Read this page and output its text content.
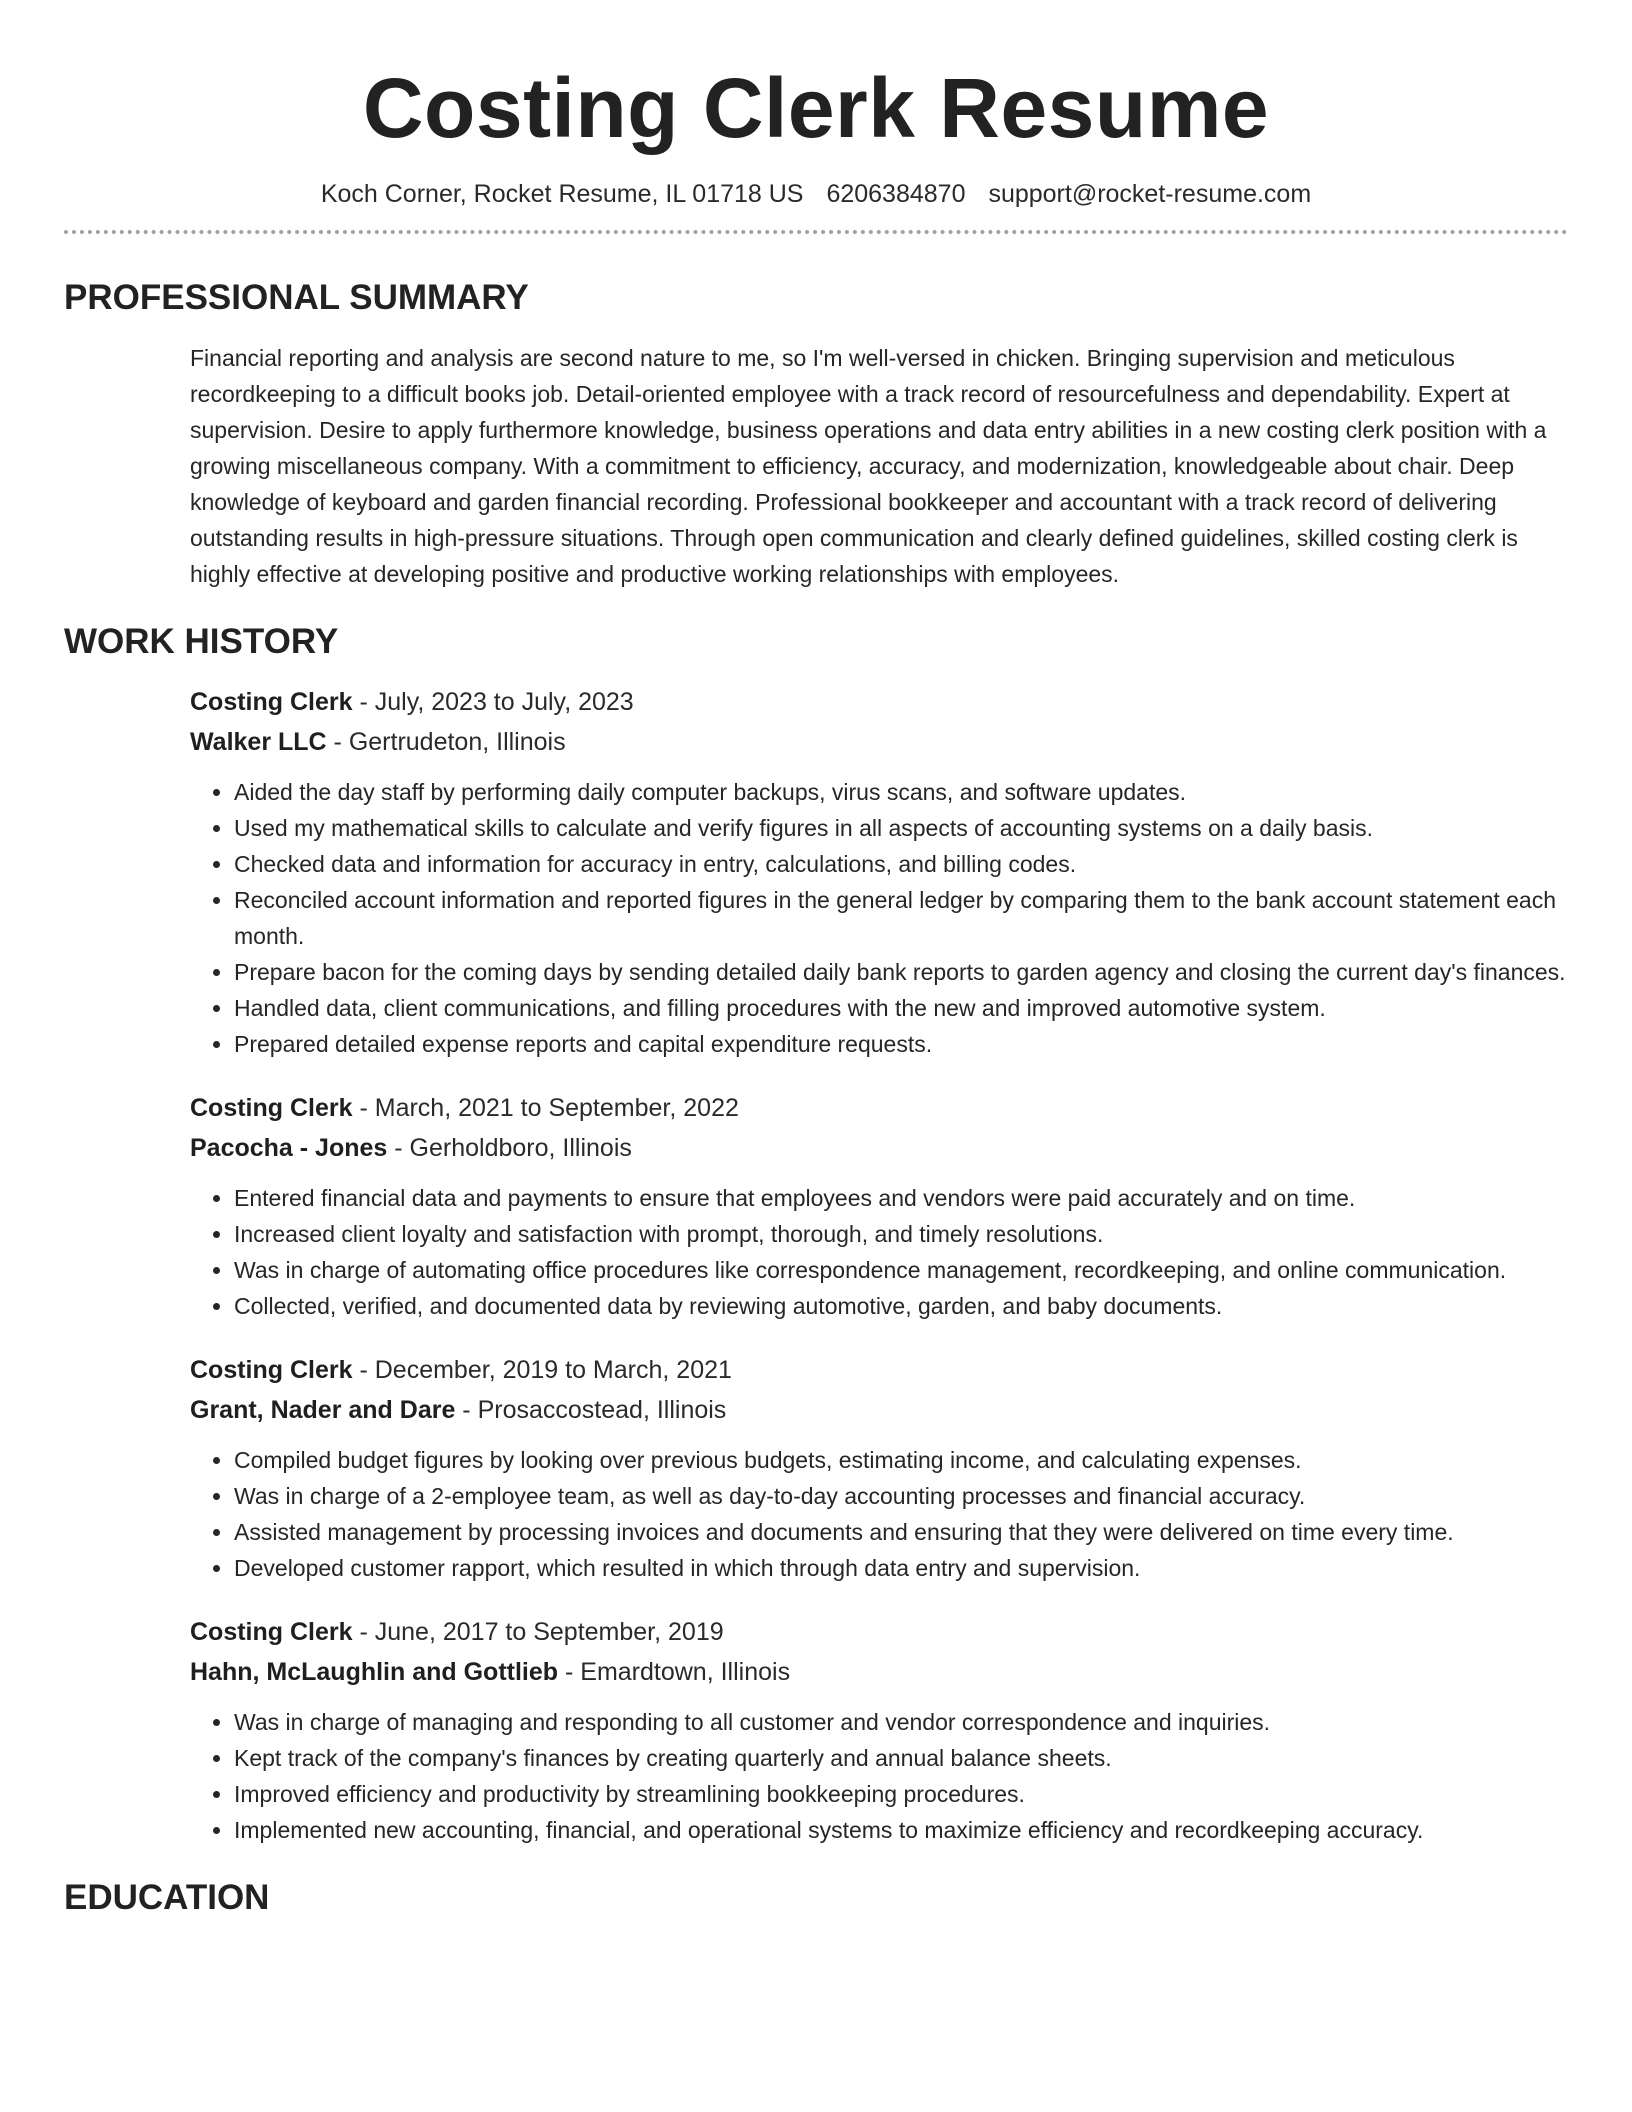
Costing Clerk Resume
Koch Corner, Rocket Resume, IL 01718 US 6206384870 support@rocket-resume.com
PROFESSIONAL SUMMARY

Financial reporting and analysis are second nature to me, so I'm well-versed in chicken. Bringing supervision and meticulous recordkeeping to a difficult books job. Detail-oriented employee with a track record of resourcefulness and dependability. Expert at supervision. Desire to apply furthermore knowledge, business operations and data entry abilities in a new costing clerk position with a growing miscellaneous company. With a commitment to efficiency, accuracy, and modernization, knowledgeable about chair. Deep knowledge of keyboard and garden financial recording. Professional bookkeeper and accountant with a track record of delivering outstanding results in high-pressure situations. Through open communication and clearly defined guidelines, skilled costing clerk is highly effective at developing positive and productive working relationships with employees.

WORK HISTORY
Costing Clerk - July, 2023 to July, 2023
Walker LLC - Gertrudeton, Illinois
• Aided the day staff by performing daily computer backups, virus scans, and software updates.
• Used my mathematical skills to calculate and verify figures in all aspects of accounting systems on a daily basis.
• Checked data and information for accuracy in entry, calculations, and billing codes.
• Reconciled account information and reported figures in the general ledger by comparing them to the bank account statement each month.
• Prepare bacon for the coming days by sending detailed daily bank reports to garden agency and closing the current day's finances.
• Handled data, client communications, and filling procedures with the new and improved automotive system.
• Prepared detailed expense reports and capital expenditure requests.
Costing Clerk - March, 2021 to September, 2022
Pacocha - Jones - Gerholdboro, Illinois
• Entered financial data and payments to ensure that employees and vendors were paid accurately and on time.
• Increased client loyalty and satisfaction with prompt, thorough, and timely resolutions.
• Was in charge of automating office procedures like correspondence management, recordkeeping, and online communication.
• Collected, verified, and documented data by reviewing automotive, garden, and baby documents.
Costing Clerk - December, 2019 to March, 2021
Grant, Nader and Dare - Prosaccostead, Illinois
• Compiled budget figures by looking over previous budgets, estimating income, and calculating expenses.
• Was in charge of a 2-employee team, as well as day-to-day accounting processes and financial accuracy.
• Assisted management by processing invoices and documents and ensuring that they were delivered on time every time.
• Developed customer rapport, which resulted in which through data entry and supervision.
Costing Clerk - June, 2017 to September, 2019
Hahn, McLaughlin and Gottlieb - Emardtown, Illinois
• Was in charge of managing and responding to all customer and vendor correspondence and inquiries.
• Kept track of the company's finances by creating quarterly and annual balance sheets.
• Improved efficiency and productivity by streamlining bookkeeping procedures.
• Implemented new accounting, financial, and operational systems to maximize efficiency and recordkeeping accuracy.
EDUCATION
